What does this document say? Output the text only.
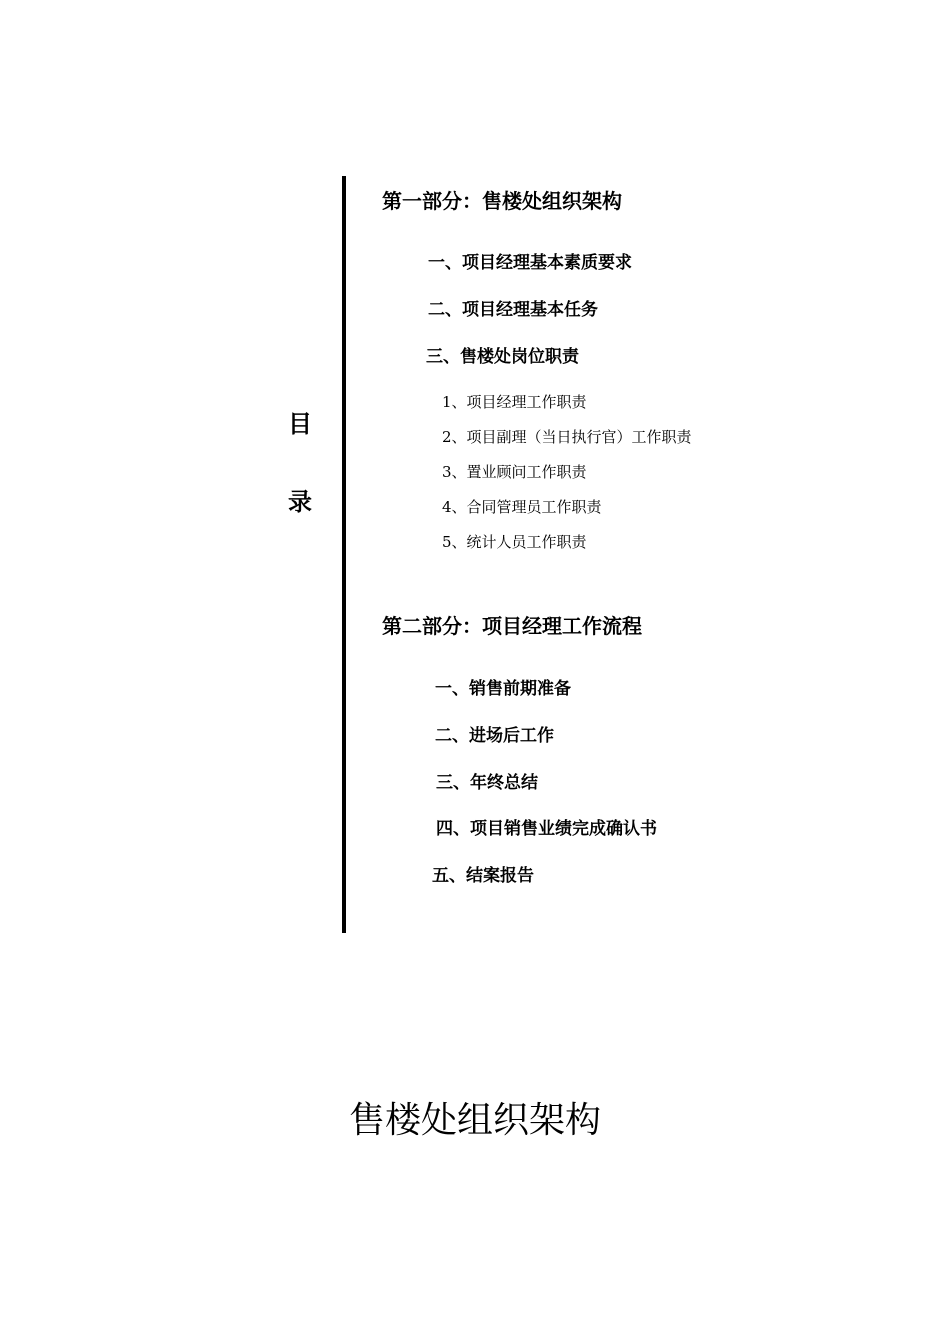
目
录
第一部分：售楼处组织架构
一、项目经理基本素质要求
二、项目经理基本任务
三、售楼处岗位职责
1、项目经理工作职责
2、项目副理（当日执行官）工作职责
3、置业顾问工作职责
4、合同管理员工作职责
5、统计人员工作职责
第二部分：项目经理工作流程
一、销售前期准备
二、进场后工作
三、年终总结
四、项目销售业绩完成确认书
五、结案报告
售楼处组织架构
